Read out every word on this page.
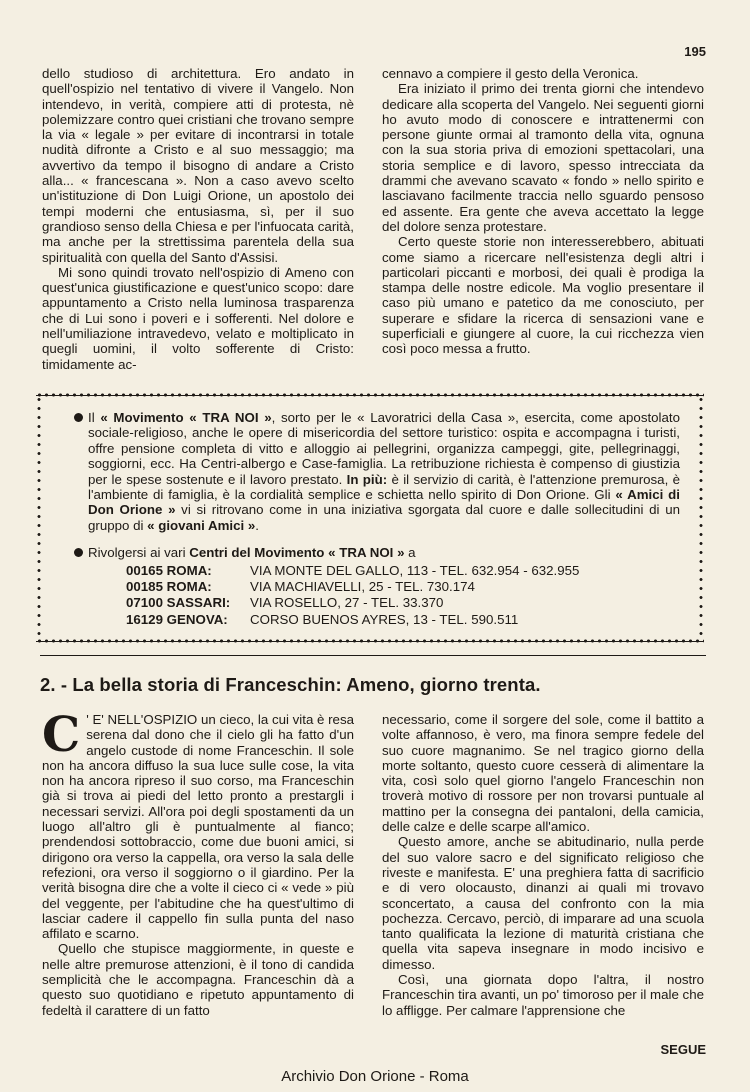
195

dello studioso di architettura. Ero andato in quell'ospizio nel tentativo di vivere il Vangelo. Non intendevo, in verità, compiere atti di protesta, nè polemizzare contro quei cristiani che trovano sempre la via « legale » per evitare di incontrarsi in totale nudità difronte a Cristo e al suo messaggio; ma avvertivo da tempo il bisogno di andare a Cristo alla... « francescana ». Non a caso avevo scelto un'istituzione di Don Luigi Orione, un apostolo dei tempi moderni che entusiasma, sì, per il suo grandioso senso della Chiesa e per l'infuocata carità, ma anche per la strettissima parentela della sua spiritualità con quella del Santo d'Assisi.

Mi sono quindi trovato nell'ospizio di Ameno con quest'unica giustificazione e quest'unico scopo: dare appuntamento a Cristo nella luminosa trasparenza che di Lui sono i poveri e i sofferenti. Nel dolore e nell'umiliazione intravedevo, velato e moltiplicato in quegli uomini, il volto sofferente di Cristo: timidamente ac-

cennavo a compiere il gesto della Veronica.

Era iniziato il primo dei trenta giorni che intendevo dedicare alla scoperta del Vangelo. Nei seguenti giorni ho avuto modo di conoscere e intrattenermi con persone giunte ormai al tramonto della vita, ognuna con la sua storia priva di emozioni spettacolari, una storia semplice e di lavoro, spesso intrecciata da drammi che avevano scavato « fondo » nello spirito e lasciavano facilmente traccia nello sguardo pensoso ed assente. Era gente che aveva accettato la legge del dolore senza protestare.

Certo queste storie non interesserebbero, abituati come siamo a ricercare nell'esistenza degli altri i particolari piccanti e morbosi, dei quali è prodiga la stampa delle nostre edicole. Ma voglio presentare il caso più umano e patetico da me conosciuto, per superare e sfidare la ricerca di sensazioni vane e superficiali e giungere al cuore, la cui ricchezza vien così poco messa a frutto.

Il « Movimento « TRA NOI », sorto per le « Lavoratrici della Casa », esercita, come apostolato sociale-religioso, anche le opere di misericordia del settore turistico: ospita e accompagna i turisti, offre pensione completa di vitto e alloggio ai pellegrini, organizza campeggi, gite, pellegrinaggi, soggiorni, ecc. Ha Centri-albergo e Case-famiglia. La retribuzione richiesta è compenso di giustizia per le spese sostenute e il lavoro prestato. In più: è il servizio di carità, è l'attenzione premurosa, è l'ambiente di famiglia, è la cordialità semplice e schietta nello spirito di Don Orione. Gli « Amici di Don Orione » vi si ritrovano come in una iniziativa sgorgata dal cuore e dalle sollecitudini di un gruppo di « giovani Amici ».

Rivolgersi ai vari Centri del Movimento « TRA NOI » a

00165 ROMA:	VIA MONTE DEL GALLO, 113 - TEL. 632.954 - 632.955
00185 ROMA:	VIA MACHIAVELLI, 25 - TEL. 730.174
07100 SASSARI:	VIA ROSELLO, 27 - TEL. 33.370
16129 GENOVA:	CORSO BUENOS AYRES, 13 - TEL. 590.511
2. - La bella storia di Franceschin: Ameno, giorno trenta.

C ' E' NELL'OSPIZIO un cieco, la cui vita è resa serena dal dono che il cielo gli ha fatto d'un angelo custode di nome Franceschin. Il sole non ha ancora diffuso la sua luce sulle cose, la vita non ha ancora ripreso il suo corso, ma Franceschin già si trova ai piedi del letto pronto a prestargli i necessari servizi. All'ora poi degli spostamenti da un luogo all'altro gli è puntualmente al fianco; prendendosi sottobraccio, come due buoni amici, si dirigono ora verso la cappella, ora verso la sala delle refezioni, ora verso il soggiorno o il giardino. Per la verità bisogna dire che a volte il cieco ci « vede » più del veggente, per l'abitudine che ha quest'ultimo di lasciar cadere il cappello fin sulla punta del naso affilato e scarno.

Quello che stupisce maggiormente, in queste e nelle altre premurose attenzioni, è il tono di candida semplicità che le accompagna. Franceschin dà a questo suo quotidiano e ripetuto appuntamento di fedeltà il carattere di un fatto

necessario, come il sorgere del sole, come il battito a volte affannoso, è vero, ma finora sempre fedele del suo cuore magnanimo. Se nel tragico giorno della morte soltanto, questo cuore cesserà di alimentare la vita, così solo quel giorno l'angelo Franceschin non troverà motivo di rossore per non trovarsi puntuale al mattino per la consegna dei pantaloni, della camicia, delle calze e delle scarpe all'amico.

Questo amore, anche se abitudinario, nulla perde del suo valore sacro e del significato religioso che riveste e manifesta. E' una preghiera fatta di sacrificio e di vero olocausto, dinanzi ai quali mi trovavo sconcertato, a causa del confronto con la mia pochezza. Cercavo, perciò, di imparare ad una scuola tanto qualificata la lezione di maturità cristiana che quella vita sapeva insegnare in modo incisivo e dimesso.

Così, una giornata dopo l'altra, il nostro Franceschin tira avanti, un po' timoroso per il male che lo affligge. Per calmare l'apprensione che

SEGUE
Archivio Don Orione - Roma
